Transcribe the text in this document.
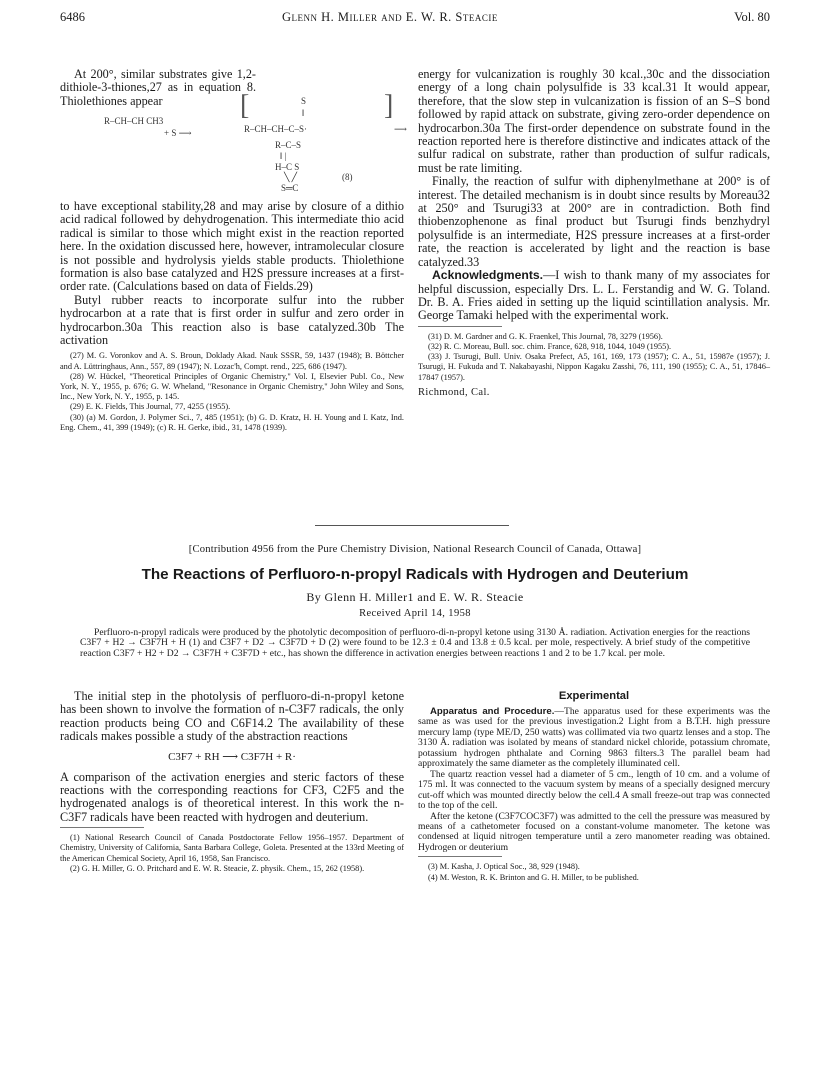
6486	Glenn H. Miller and E. W. R. Steacie	Vol. 80

At 200°, similar substrates give 1,2-dithiole-3-thiones,27 as in equation 8. Thiolethiones appear

R–CH–CH CH3
+ S ⟶
[	S
‖
R–CH–CH–C–S·
]
⟶
R–C–S
‖ |
H–C S
╲ ╱
S═C
(8)

to have exceptional stability,28 and may arise by closure of a dithio acid radical followed by dehydrogenation. This intermediate thio acid radical is similar to those which might exist in the reaction reported here. In the oxidation discussed here, however, intramolecular closure is not possible and hydrolysis yields stable products. Thiolethione formation is also base catalyzed and H2S pressure increases at a first-order rate. (Calculations based on data of Fields.29)

Butyl rubber reacts to incorporate sulfur into the rubber hydrocarbon at a rate that is first order in sulfur and zero order in hydrocarbon.30a This reaction also is base catalyzed.30b The activation

(27) M. G. Voronkov and A. S. Broun, Doklady Akad. Nauk SSSR, 59, 1437 (1948); B. Böttcher and A. Lüttringhaus, Ann., 557, 89 (1947); N. Lozac'h, Compt. rend., 225, 686 (1947).

(28) W. Hückel, "Theoretical Principles of Organic Chemistry," Vol. I, Elsevier Publ. Co., New York, N. Y., 1955, p. 676; G. W. Wheland, "Resonance in Organic Chemistry," John Wiley and Sons, Inc., New York, N. Y., 1955, p. 145.

(29) E. K. Fields, This Journal, 77, 4255 (1955).

(30) (a) M. Gordon, J. Polymer Sci., 7, 485 (1951); (b) G. D. Kratz, H. H. Young and I. Katz, Ind. Eng. Chem., 41, 399 (1949); (c) R. H. Gerke, ibid., 31, 1478 (1939).

energy for vulcanization is roughly 30 kcal.,30c and the dissociation energy of a long chain polysulfide is 33 kcal.31 It would appear, therefore, that the slow step in vulcanization is fission of an S–S bond followed by rapid attack on substrate, giving zero-order dependence on hydrocarbon.30a The first-order dependence on substrate found in the reaction reported here is therefore distinctive and indicates attack of the sulfur radical on substrate, rather than production of sulfur radicals, must be rate limiting.

Finally, the reaction of sulfur with diphenylmethane at 200° is of interest. The detailed mechanism is in doubt since results by Moreau32 at 250° and Tsurugi33 at 200° are in contradiction. Both find thiobenzophenone as final product but Tsurugi finds benzhydryl polysulfide is an intermediate, H2S pressure increases at a first-order rate, the reaction is accelerated by light and the reaction is base catalyzed.33

Acknowledgments.—I wish to thank many of my associates for helpful discussion, especially Drs. L. L. Ferstandig and W. G. Toland. Dr. B. A. Fries aided in setting up the liquid scintillation analysis. Mr. George Tamaki helped with the experimental work.

(31) D. M. Gardner and G. K. Fraenkel, This Journal, 78, 3279 (1956).

(32) R. C. Moreau, Bull. soc. chim. France, 628, 918, 1044, 1049 (1955).

(33) J. Tsurugi, Bull. Univ. Osaka Prefect, A5, 161, 169, 173 (1957); C. A., 51, 15987e (1957); J. Tsurugi, H. Fukuda and T. Nakabayashi, Nippon Kagaku Zasshi, 76, 111, 190 (1955); C. A., 51, 17846–17847 (1957).

Richmond, Cal.
[Contribution 4956 from the Pure Chemistry Division, National Research Council of Canada, Ottawa]
The Reactions of Perfluoro-n-propyl Radicals with Hydrogen and Deuterium
By Glenn H. Miller1 and E. W. R. Steacie
Received April 14, 1958

Perfluoro-n-propyl radicals were produced by the photolytic decomposition of perfluoro-di-n-propyl ketone using 3130 Å. radiation. Activation energies for the reactions C3F7 + H2 → C3F7H + H (1) and C3F7 + D2 → C3F7D + D (2) were found to be 12.3 ± 0.4 and 13.8 ± 0.5 kcal. per mole, respectively. A brief study of the competitive reaction C3F7 + H2 + D2 → C3F7H + C3F7D + etc., has shown the difference in activation energies between reactions 1 and 2 to be 1.7 kcal. per mole.

The initial step in the photolysis of perfluoro-di-n-propyl ketone has been shown to involve the formation of n-C3F7 radicals, the only reaction products being CO and C6F14.2 The availability of these radicals makes possible a study of the abstraction reactions

C3F7 + RH ⟶ C3F7H + R·

A comparison of the activation energies and steric factors of these reactions with the corresponding reactions for CF3, C2F5 and the hydrogenated analogs is of theoretical interest. In this work the n-C3F7 radicals have been reacted with hydrogen and deuterium.

(1) National Research Council of Canada Postdoctorate Fellow 1956–1957. Department of Chemistry, University of California, Santa Barbara College, Goleta. Presented at the 133rd Meeting of the American Chemical Society, April 16, 1958, San Francisco.

(2) G. H. Miller, G. O. Pritchard and E. W. R. Steacie, Z. physik. Chem., 15, 262 (1958).

Experimental

Apparatus and Procedure.—The apparatus used for these experiments was the same as was used for the previous investigation.2 Light from a B.T.H. high pressure mercury lamp (type ME/D, 250 watts) was collimated via two quartz lenses and a stop. The 3130 Å. radiation was isolated by means of standard nickel chloride, potassium chromate, potassium hydrogen phthalate and Corning 9863 filters.3 The parallel beam had approximately the same diameter as the completely illuminated cell.

The quartz reaction vessel had a diameter of 5 cm., length of 10 cm. and a volume of 175 ml. It was connected to the vacuum system by means of a specially designed mercury cut-off which was mounted directly below the cell.4 A small freeze-out trap was connected to the top of the cell.

After the ketone (C3F7COC3F7) was admitted to the cell the pressure was measured by means of a cathetometer focused on a constant-volume manometer. The ketone was condensed at liquid nitrogen temperature until a zero manometer reading was obtained. Hydrogen or deuterium

(3) M. Kasha, J. Optical Soc., 38, 929 (1948).

(4) M. Weston, R. K. Brinton and G. H. Miller, to be published.
